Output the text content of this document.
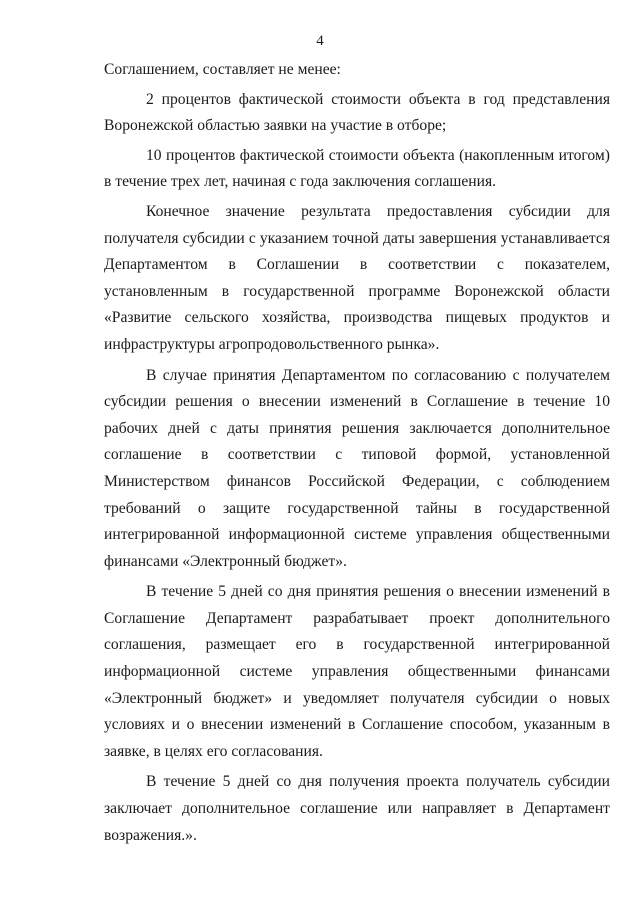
4

Соглашением, составляет не менее:

2 процентов фактической стоимости объекта в год представления Воронежской областью заявки на участие в отборе;

10 процентов фактической стоимости объекта (накопленным итогом) в течение трех лет, начиная с года заключения соглашения.

Конечное значение результата предоставления субсидии для получателя субсидии с указанием точной даты завершения устанавливается Департаментом в Соглашении в соответствии с показателем, установленным в государственной программе Воронежской области «Развитие сельского хозяйства, производства пищевых продуктов и инфраструктуры агропродовольственного рынка».

В случае принятия Департаментом по согласованию с получателем субсидии решения о внесении изменений в Соглашение в течение 10 рабочих дней с даты принятия решения заключается дополнительное соглашение в соответствии с типовой формой, установленной Министерством финансов Российской Федерации, с соблюдением требований о защите государственной тайны в государственной интегрированной информационной системе управления общественными финансами «Электронный бюджет».

В течение 5 дней со дня принятия решения о внесении изменений в Соглашение Департамент разрабатывает проект дополнительного соглашения, размещает его в государственной интегрированной информационной системе управления общественными финансами «Электронный бюджет» и уведомляет получателя субсидии о новых условиях и о внесении изменений в Соглашение способом, указанным в заявке, в целях его согласования.

В течение 5 дней со дня получения проекта получатель субсидии заключает дополнительное соглашение или направляет в Департамент возражения.».
